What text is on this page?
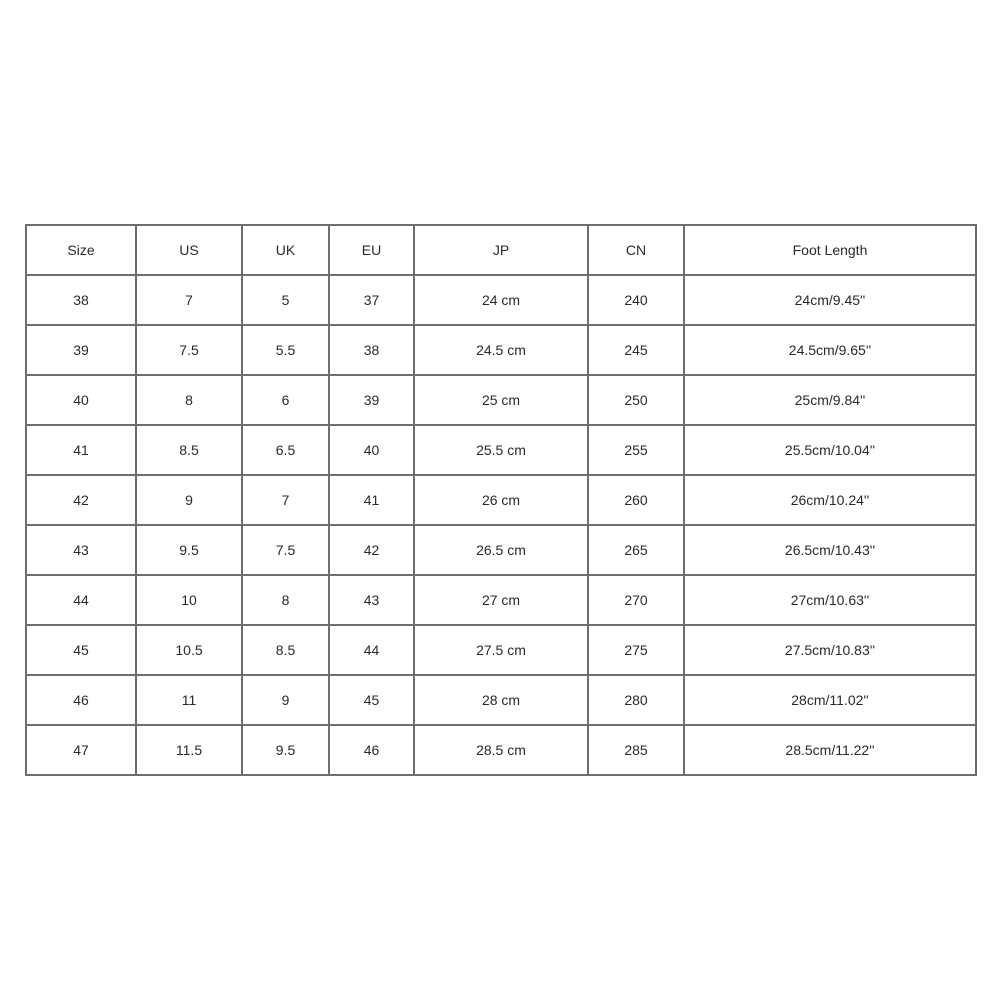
Size	US	UK	EU	JP	CN	Foot Length
38	7	5	37	24 cm	240	24cm/9.45''
39	7.5	5.5	38	24.5 cm	245	24.5cm/9.65''
40	8	6	39	25 cm	250	25cm/9.84''
41	8.5	6.5	40	25.5 cm	255	25.5cm/10.04''
42	9	7	41	26 cm	260	26cm/10.24''
43	9.5	7.5	42	26.5 cm	265	26.5cm/10.43''
44	10	8	43	27 cm	270	27cm/10.63''
45	10.5	8.5	44	27.5 cm	275	27.5cm/10.83''
46	11	9	45	28 cm	280	28cm/11.02''
47	11.5	9.5	46	28.5 cm	285	28.5cm/11.22''
